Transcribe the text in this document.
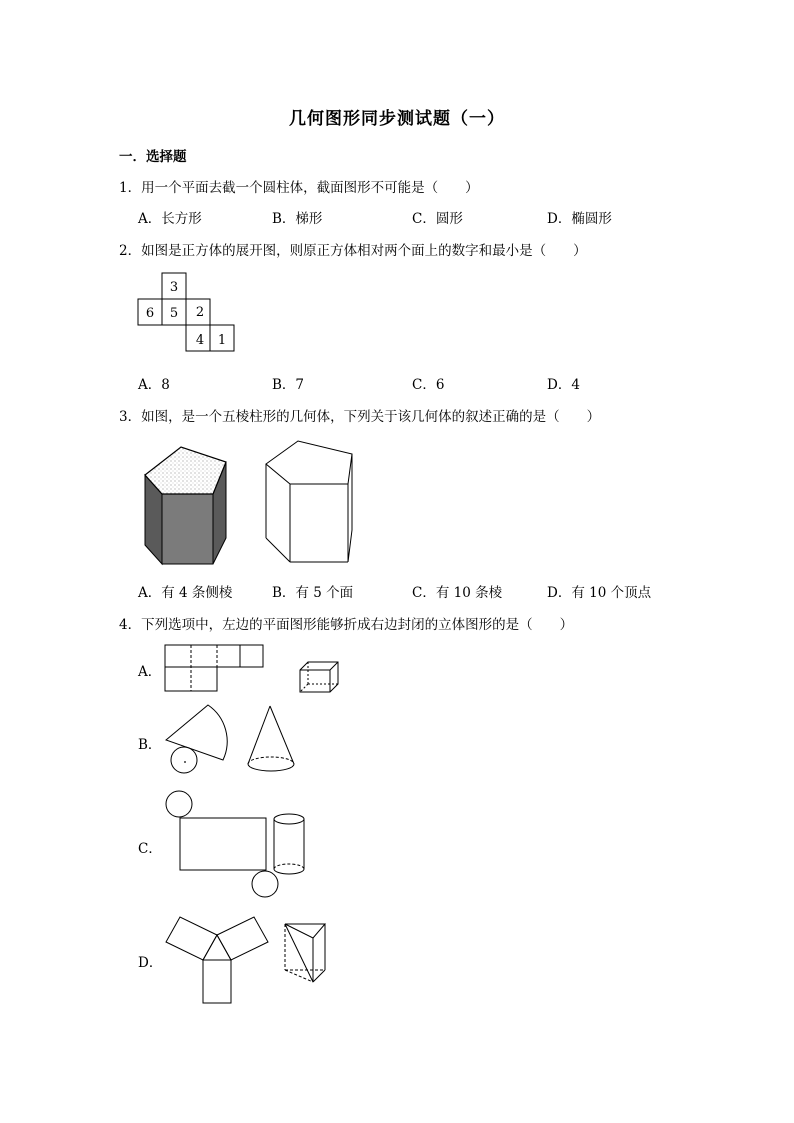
几何图形同步测试题（一）
一．选择题
1．用一个平面去截一个圆柱体，截面图形不可能是（　　）
A．长方形	B．梯形	C．圆形	D．椭圆形
2．如图是正方体的展开图，则原正方体相对两个面上的数字和最小是（　　）
3
6 5 2
4 1
A．8	B．7	C．6	D．4
3．如图，是一个五棱柱形的几何体，下列关于该几何体的叙述正确的是（　　）
A．有 4 条侧棱	B．有 5 个面	C．有 10 条棱	D．有 10 个顶点
4．下列选项中，左边的平面图形能够折成右边封闭的立体图形的是（　　）
A．
B．
C．
D．
